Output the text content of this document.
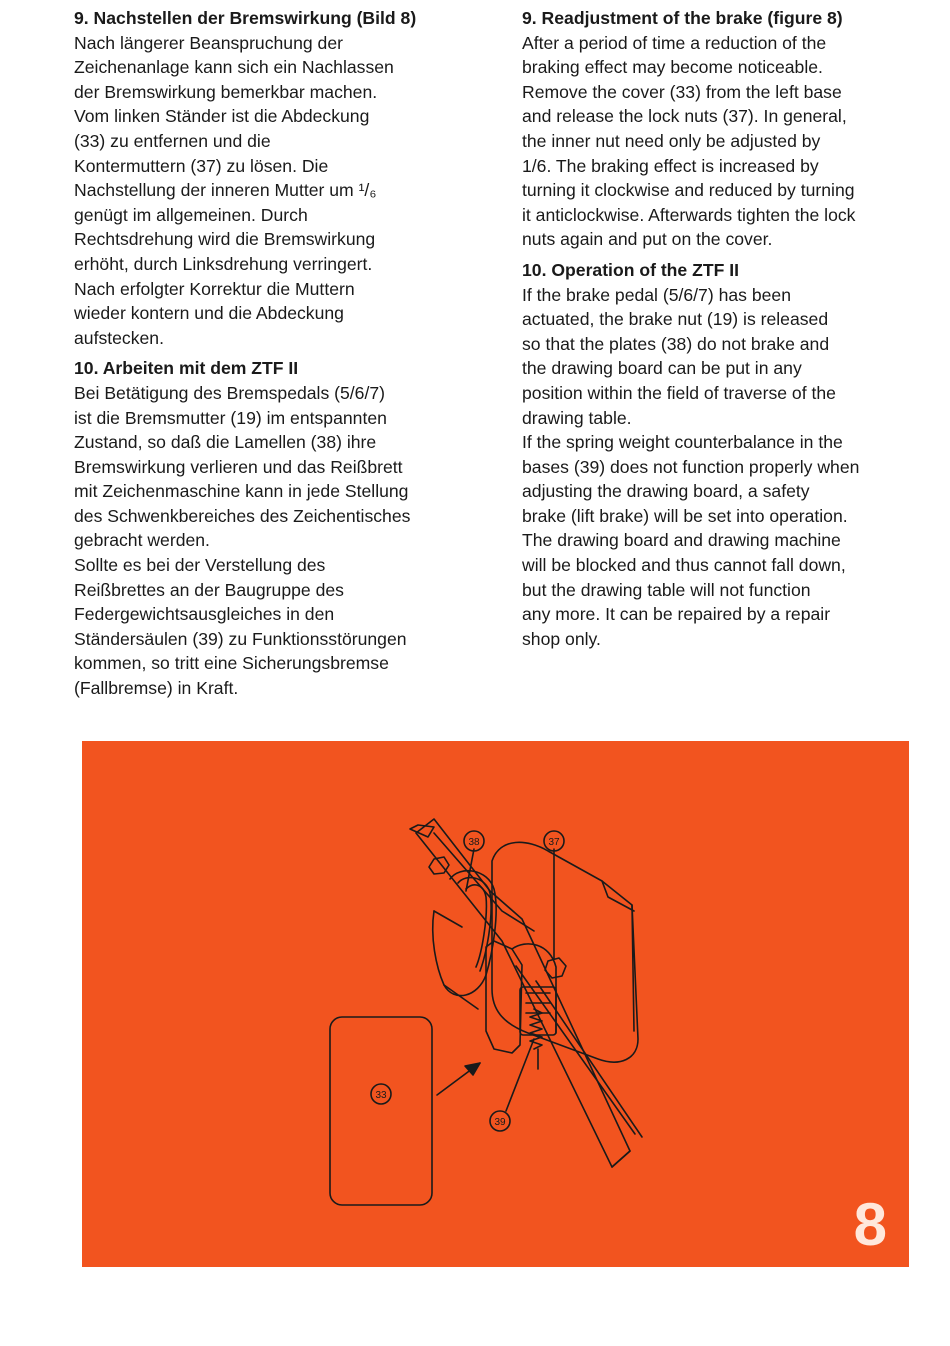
9. Nachstellen der Bremswirkung (Bild 8)
Nach längerer Beanspruchung der
Zeichenanlage kann sich ein Nachlassen
der Bremswirkung bemerkbar machen.
Vom linken Ständer ist die Abdeckung
(33) zu entfernen und die
Kontermuttern (37) zu lösen. Die
Nachstellung der inneren Mutter um ¹/₆
genügt im allgemeinen. Durch
Rechtsdrehung wird die Bremswirkung
erhöht, durch Linksdrehung verringert.
Nach erfolgter Korrektur die Muttern
wieder kontern und die Abdeckung
aufstecken.
10. Arbeiten mit dem ZTF II
Bei Betätigung des Bremspedals (5/6/7)
ist die Bremsmutter (19) im entspannten
Zustand, so daß die Lamellen (38) ihre
Bremswirkung verlieren und das Reißbrett
mit Zeichenmaschine kann in jede Stellung
des Schwenkbereiches des Zeichentisches
gebracht werden.
Sollte es bei der Verstellung des
Reißbrettes an der Baugruppe des
Federgewichtsausgleiches in den
Ständersäulen (39) zu Funktionsstörungen
kommen, so tritt eine Sicherungsbremse
(Fallbremse) in Kraft.
9. Readjustment of the brake (figure 8)
After a period of time a reduction of the
braking effect may become noticeable.
Remove the cover (33) from the left base
and release the lock nuts (37). In general,
the inner nut need only be adjusted by
1/6. The braking effect is increased by
turning it clockwise and reduced by turning
it anticlockwise. Afterwards tighten the lock
nuts again and put on the cover.
10. Operation of the ZTF II
If the brake pedal (5/6/7) has been
actuated, the brake nut (19) is released
so that the plates (38) do not brake and
the drawing board can be put in any
position within the field of traverse of the
drawing table.
If the spring weight counterbalance in the
bases (39) does not function properly when
adjusting the drawing board, a safety
brake (lift brake) will be set into operation.
The drawing board and drawing machine
will be blocked and thus cannot fall down,
but the drawing table will not function
any more. It can be repaired by a repair
shop only.
38	37
33
39
8
